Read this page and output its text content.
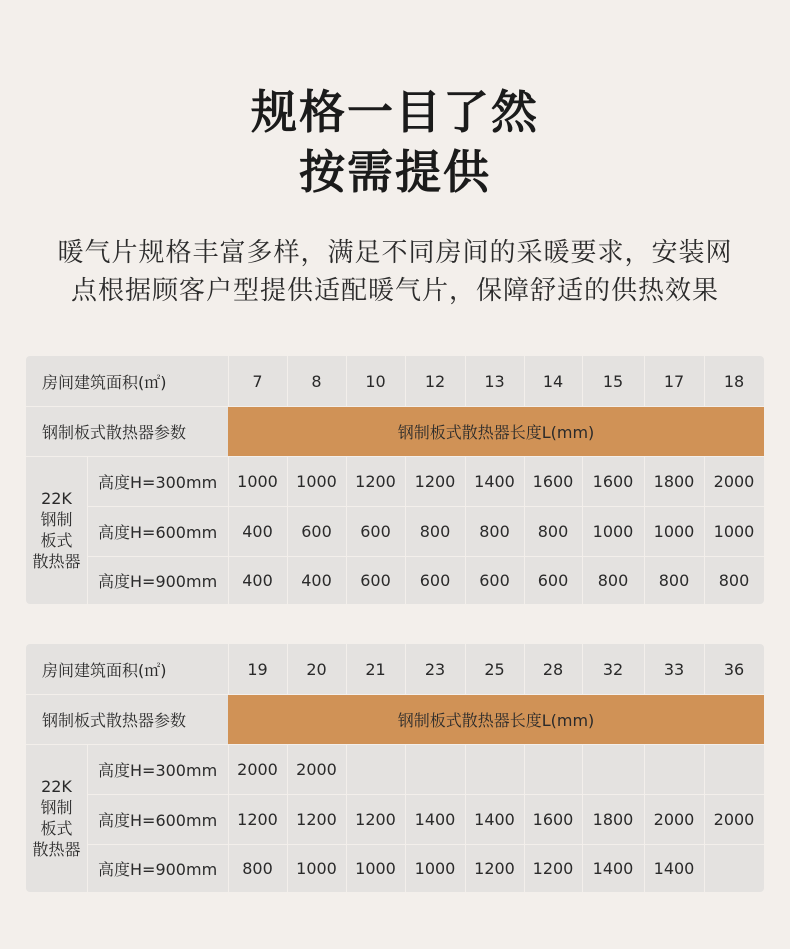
规格一目了然
按需提供
暖气片规格丰富多样，满足不同房间的采暖要求，安装网
点根据顾客户型提供适配暖气片，保障舒适的供热效果
房间建筑面积(㎡)	7	8	10	12	13	14	15	17	18
钢制板式散热器参数	钢制板式散热器长度L(mm)
22K
钢制
板式
散热器
高度H=300mm	1000	1000	1200	1200	1400	1600	1600	1800	2000
高度H=600mm	400	600	600	800	800	800	1000	1000	1000
高度H=900mm	400	400	600	600	600	600	800	800	800
房间建筑面积(㎡)	19	20	21	23	25	28	32	33	36
钢制板式散热器参数	钢制板式散热器长度L(mm)
22K
钢制
板式
散热器
高度H=300mm	2000	2000
高度H=600mm	1200	1200	1200	1400	1400	1600	1800	2000	2000
高度H=900mm	800	1000	1000	1000	1200	1200	1400	1400
